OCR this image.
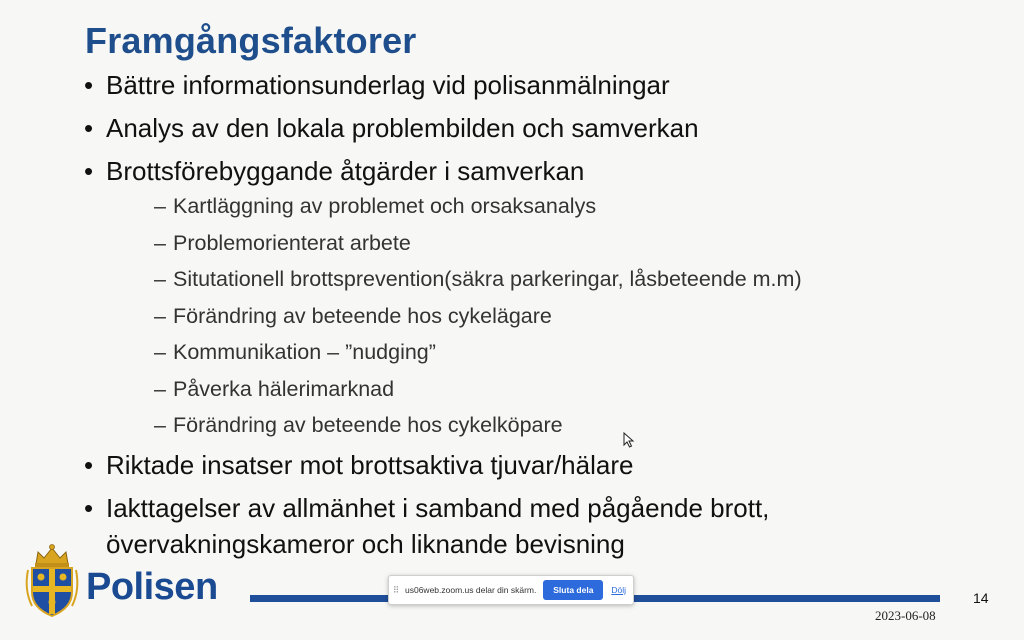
Framgångsfaktorer
• Bättre informationsunderlag vid polisanmälningar
• Analys av den lokala problembilden och samverkan
• Brottsförebyggande åtgärder i samverkan
– Kartläggning av problemet och orsaksanalys
– Problemorienterat arbete
– Situtationell brottsprevention(säkra parkeringar, låsbeteende m.m)
– Förändring av beteende hos cykelägare
– Kommunikation – ”nudging”
– Påverka hälerimarknad
– Förändring av beteende hos cykelköpare
• Riktade insatser mot brottsaktiva tjuvar/hälare
• Iakttagelser av allmänhet i samband med pågående brott,
övervakningskameror och liknande bevisning
Polisen	14
2023-06-08
⠿ us06web.zoom.us delar din skärm.	Sluta dela	Dölj
